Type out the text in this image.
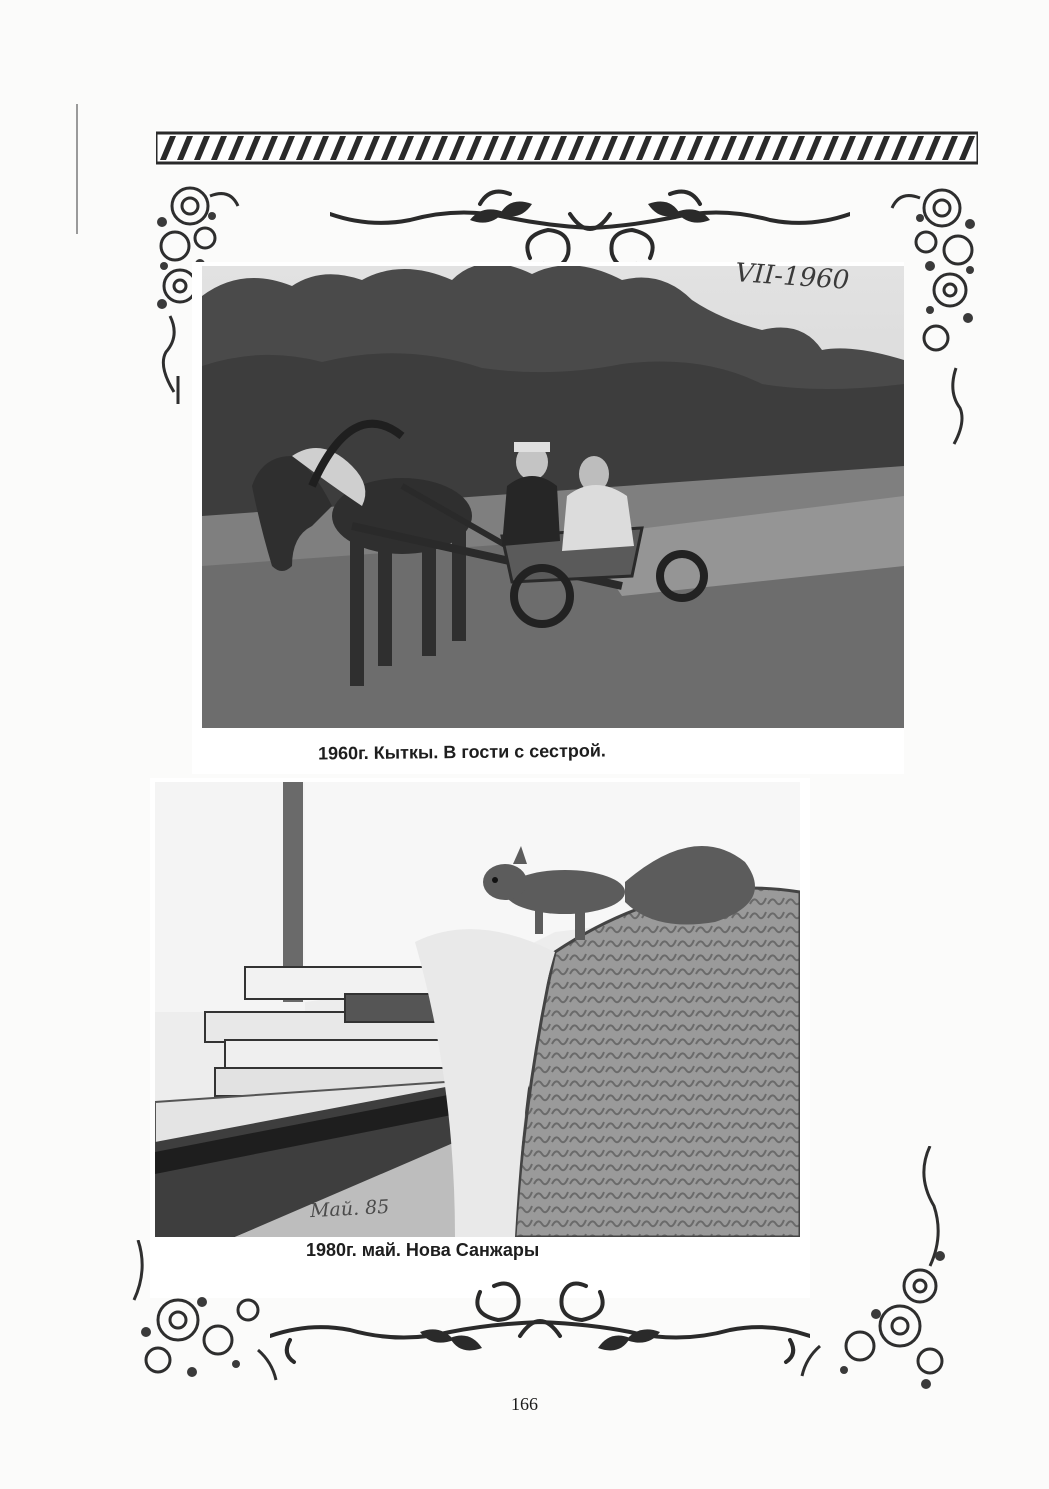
VII-1960
1960г. Кыткы. В гости с сестрой.
Май. 85
1980г. май. Нова Санжары
166
